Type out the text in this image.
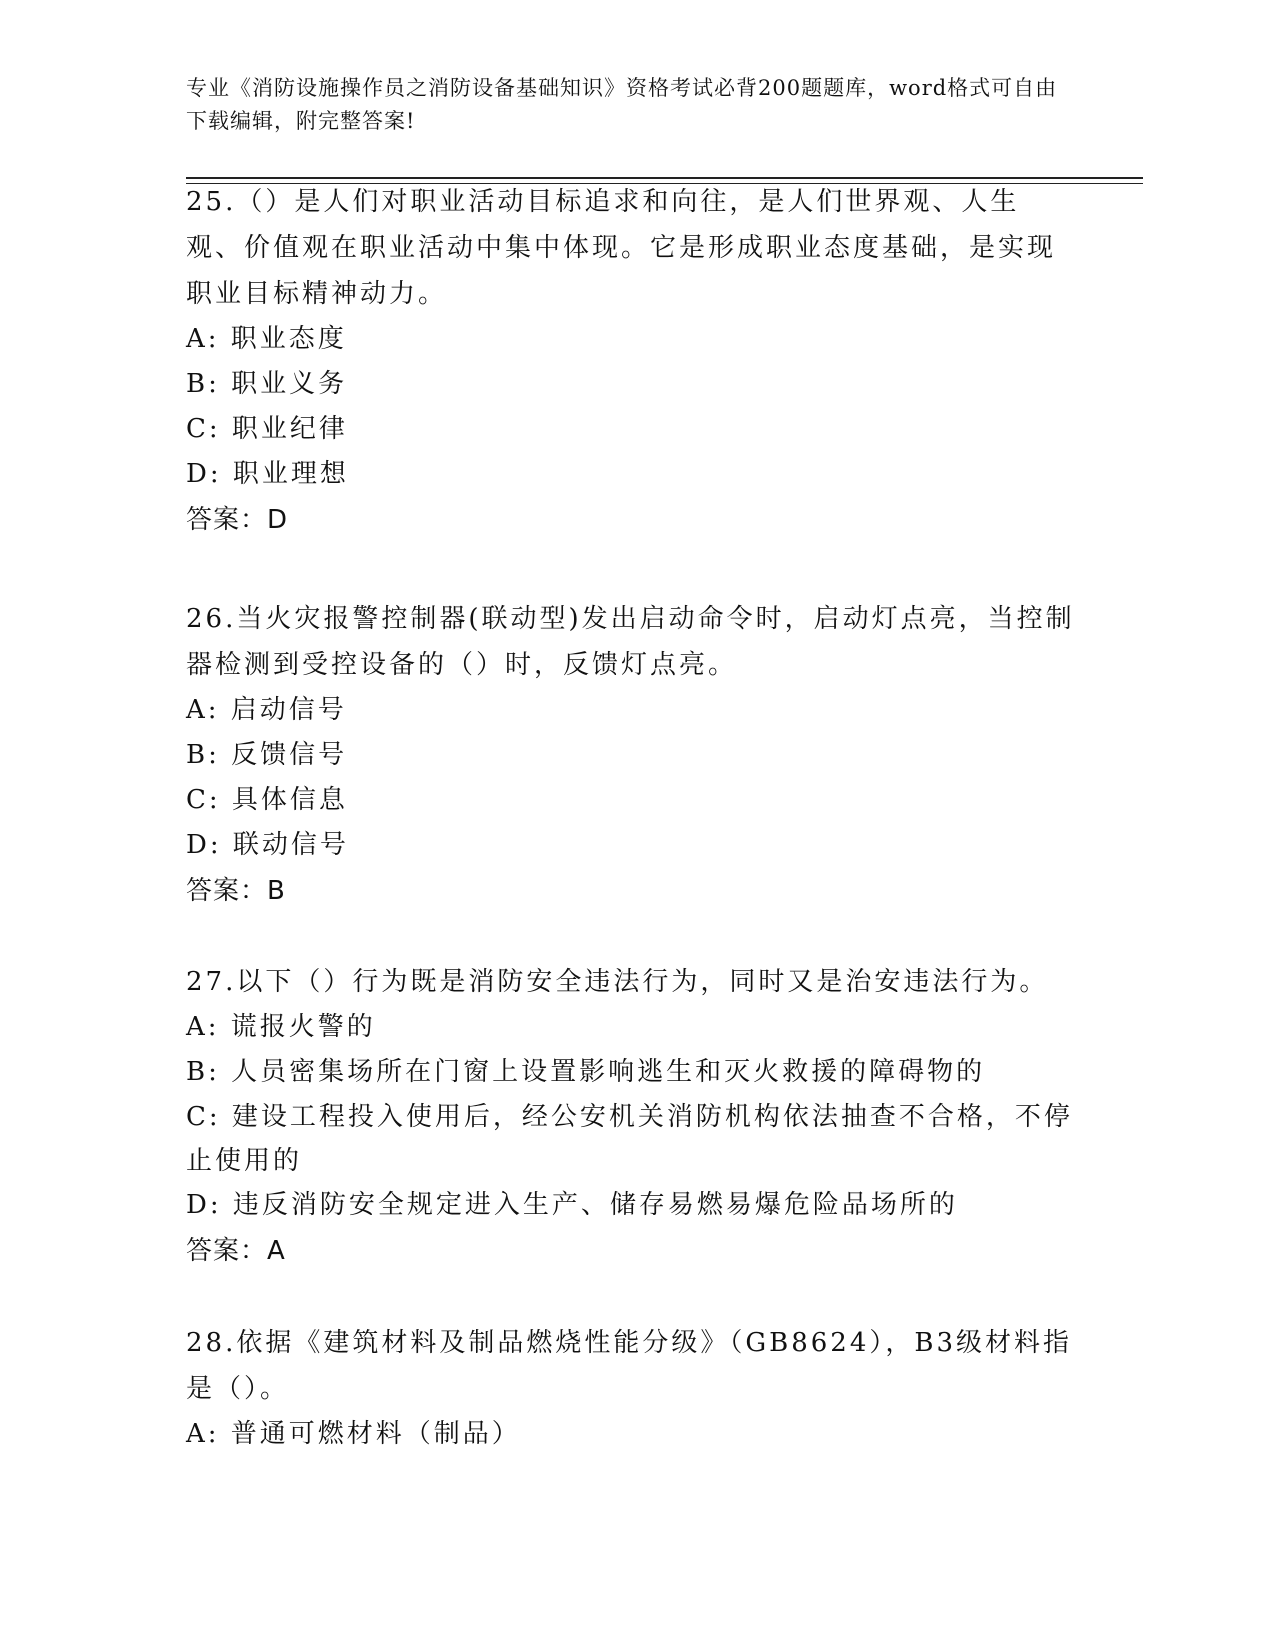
专业《消防设施操作员之消防设备基础知识》资格考试必背200题题库，word格式可自由下载编辑，附完整答案!

25.（）是人们对职业活动目标追求和向往，是人们世界观、人生观、价值观在职业活动中集中体现。它是形成职业态度基础，是实现职业目标精神动力。

A: 职业态度

B: 职业义务

C: 职业纪律

D: 职业理想

答案：D

26.当火灾报警控制器(联动型)发出启动命令时，启动灯点亮，当控制器检测到受控设备的（）时，反馈灯点亮。

A: 启动信号

B: 反馈信号

C: 具体信息

D: 联动信号

答案：B

27.以下（）行为既是消防安全违法行为，同时又是治安违法行为。

A: 谎报火警的

B: 人员密集场所在门窗上设置影响逃生和灭火救援的障碍物的

C: 建设工程投入使用后，经公安机关消防机构依法抽查不合格，不停止使用的

D: 违反消防安全规定进入生产、储存易燃易爆危险品场所的

答案：A

28.依据《建筑材料及制品燃烧性能分级》（GB8624），B3级材料指是（）。

A: 普通可燃材料（制品）
